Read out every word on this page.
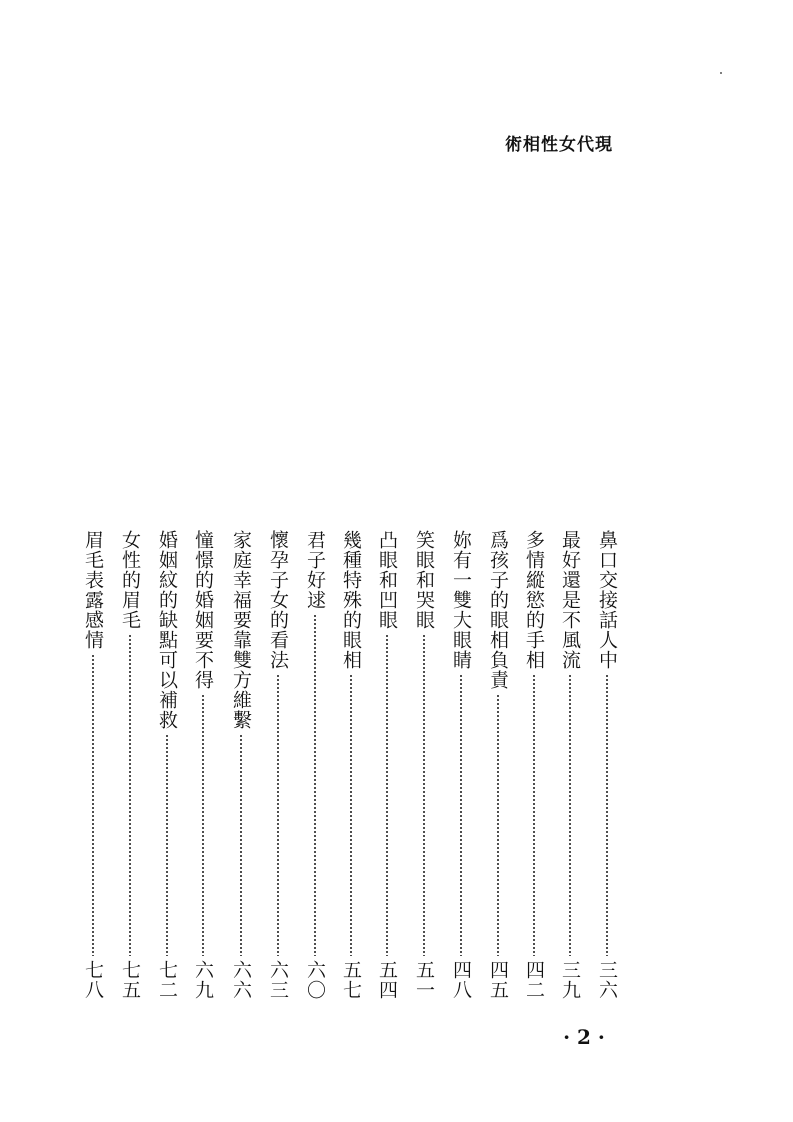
術相性女代現
鼻口交接話人中
三六
最好還是不風流
三九
多情縱慾的手相
四二
爲孩子的眼相負責
四五
妳有一雙大眼睛
四八
笑眼和哭眼
五一
凸眼和凹眼
五四
幾種特殊的眼相
五七
君子好逑
六〇
懷孕子女的看法
六三
家庭幸福要靠雙方維繫
六六
憧憬的婚姻要不得
六九
婚姻紋的缺點可以補救
七二
女性的眉毛
七五
眉毛表露感情
七八
· 2 ·
